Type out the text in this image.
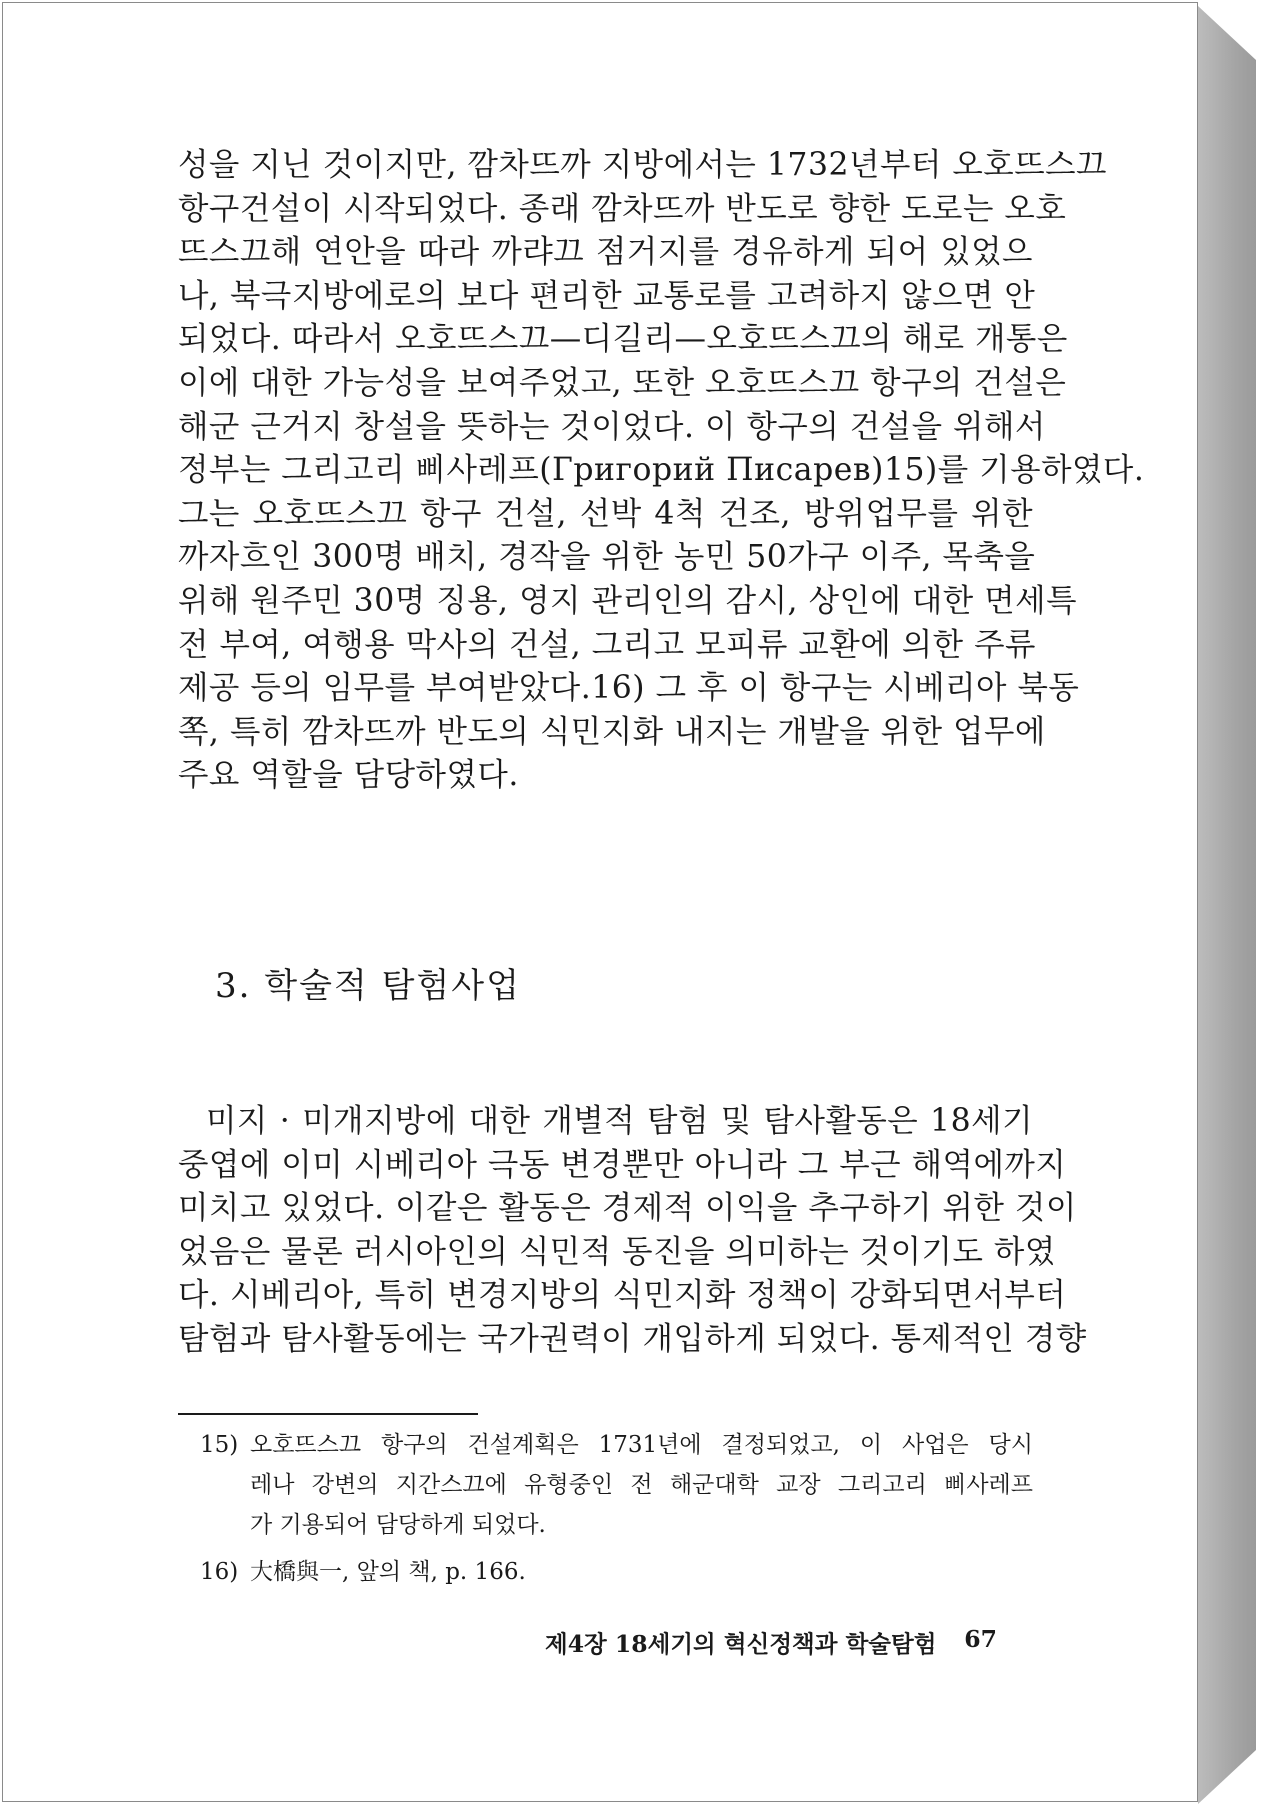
성을 지닌 것이지만, 깜차뜨까 지방에서는 1732년부터 오호뜨스끄
항구건설이 시작되었다. 종래 깜차뜨까 반도로 향한 도로는 오호
뜨스끄해 연안을 따라 까랴끄 점거지를 경유하게 되어 있었으
나, 북극지방에로의 보다 편리한 교통로를 고려하지 않으면 안
되었다. 따라서 오호뜨스끄—디길리—오호뜨스끄의 해로 개통은
이에 대한 가능성을 보여주었고, 또한 오호뜨스끄 항구의 건설은
해군 근거지 창설을 뜻하는 것이었다. 이 항구의 건설을 위해서
정부는 그리고리 삐사레프(Григорий Писарев)15)를 기용하였다.
그는 오호뜨스끄 항구 건설, 선박 4척 건조, 방위업무를 위한
까자흐인 300명 배치, 경작을 위한 농민 50가구 이주, 목축을
위해 원주민 30명 징용, 영지 관리인의 감시, 상인에 대한 면세특
전 부여, 여행용 막사의 건설, 그리고 모피류 교환에 의한 주류
제공 등의 임무를 부여받았다.16) 그 후 이 항구는 시베리아 북동
쪽, 특히 깜차뜨까 반도의 식민지화 내지는 개발을 위한 업무에
주요 역할을 담당하였다.
3. 학술적 탐험사업
미지 · 미개지방에 대한 개별적 탐험 및 탐사활동은 18세기
중엽에 이미 시베리아 극동 변경뿐만 아니라 그 부근 해역에까지
미치고 있었다. 이같은 활동은 경제적 이익을 추구하기 위한 것이
었음은 물론 러시아인의 식민적 동진을 의미하는 것이기도 하였
다. 시베리아, 특히 변경지방의 식민지화 정책이 강화되면서부터
탐험과 탐사활동에는 국가권력이 개입하게 되었다. 통제적인 경향
15) 오호뜨스끄 항구의 건설계획은 1731년에 결정되었고, 이 사업은 당시
레나 강변의 지간스끄에 유형중인 전 해군대학 교장 그리고리 삐사레프
가 기용되어 담당하게 되었다.
16) 大橋與一, 앞의 책, p. 166.
제4장 18세기의 혁신정책과 학술탐험 67
